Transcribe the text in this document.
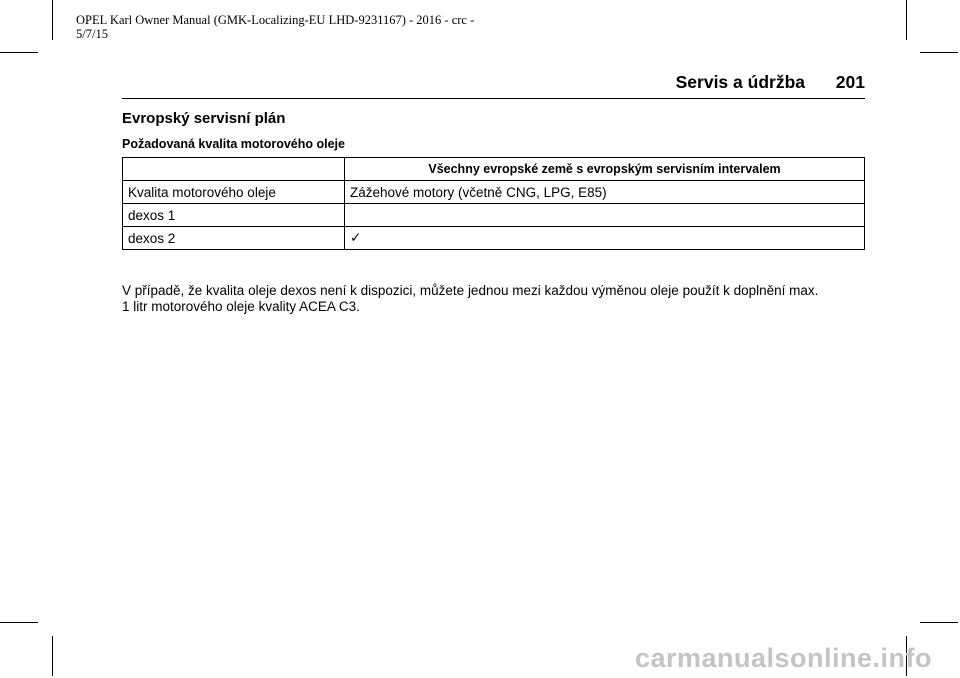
OPEL Karl Owner Manual (GMK-Localizing-EU LHD-9231167) - 2016 - crc -
5/7/15
Servis a údržba 201
Evropský servisní plán
Požadovaná kvalita motorového oleje
	Všechny evropské země s evropským servisním intervalem
Kvalita motorového oleje	Zážehové motory (včetně CNG, LPG, E85)
dexos 1	
dexos 2	✓
V případě, že kvalita oleje dexos není k dispozici, můžete jednou mezi každou výměnou oleje použít k doplnění max.
1 litr motorového oleje kvality ACEA C3.
carmanualsonline.info
